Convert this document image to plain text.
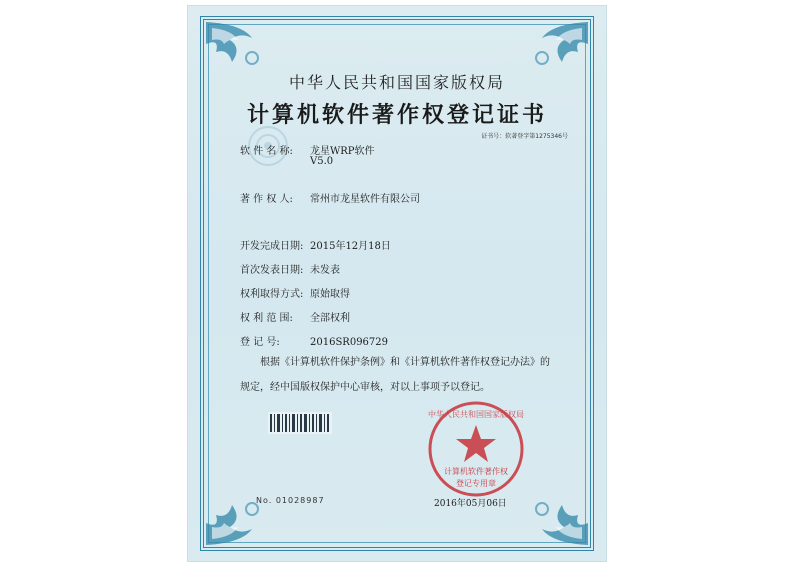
中华人民共和国国家版权局
计算机软件著作权登记证书
证书号：软著登字第1275346号
软 件 名 称: 龙星WRP软件
V5.0
著 作 权 人: 常州市龙星软件有限公司
开发完成日期: 2015年12月18日
首次发表日期: 未发表
权利取得方式: 原始取得
权 利 范 围: 全部权利
登 记 号:	2016SR096729
根据《计算机软件保护条例》和《计算机软件著作权登记办法》的
规定，经中国版权保护中心审核，对以上事项予以登记。
中华人民共和国国家版权局
计算机软件著作权
登记专用章
No. 01028987	2016年05月06日
